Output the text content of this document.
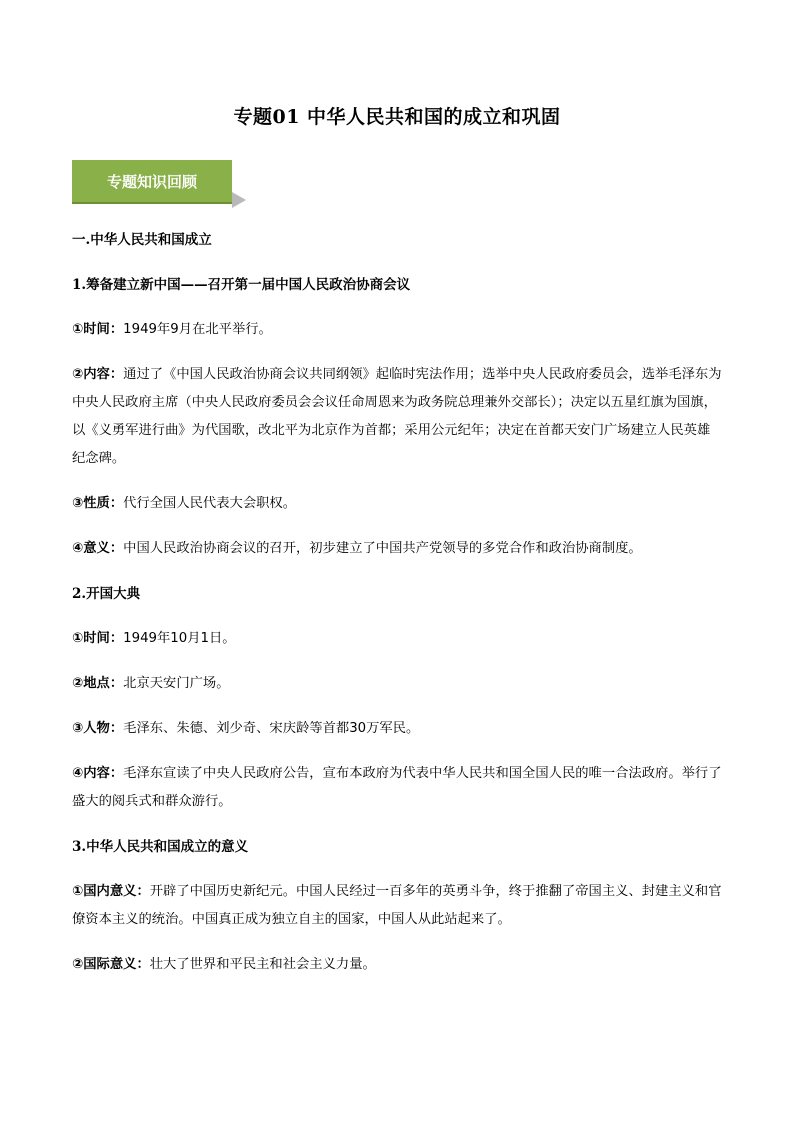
专题01 中华人民共和国的成立和巩固
专题知识回顾
一.中华人民共和国成立
1.筹备建立新中国——召开第一届中国人民政治协商会议
①时间：1949年9月在北平举行。
②内容：通过了《中国人民政治协商会议共同纲领》起临时宪法作用；选举中央人民政府委员会，选举毛泽东为中央人民政府主席（中央人民政府委员会会议任命周恩来为政务院总理兼外交部长）；决定以五星红旗为国旗，以《义勇军进行曲》为代国歌，改北平为北京作为首都；采用公元纪年；决定在首都天安门广场建立人民英雄纪念碑。
③性质：代行全国人民代表大会职权。
④意义：中国人民政治协商会议的召开，初步建立了中国共产党领导的多党合作和政治协商制度。
2.开国大典
①时间：1949年10月1日。
②地点：北京天安门广场。
③人物：毛泽东、朱德、刘少奇、宋庆龄等首都30万军民。
④内容：毛泽东宣读了中央人民政府公告，宣布本政府为代表中华人民共和国全国人民的唯一合法政府。举行了盛大的阅兵式和群众游行。
3.中华人民共和国成立的意义
①国内意义：开辟了中国历史新纪元。中国人民经过一百多年的英勇斗争，终于推翻了帝国主义、封建主义和官僚资本主义的统治。中国真正成为独立自主的国家，中国人从此站起来了。
②国际意义：壮大了世界和平民主和社会主义力量。
